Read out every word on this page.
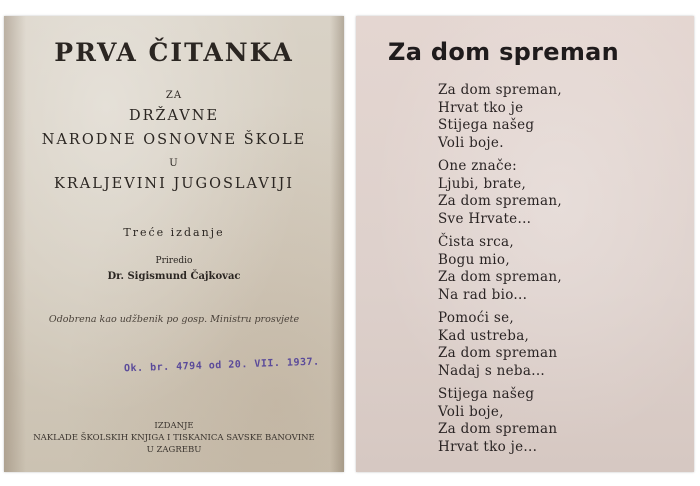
PRVA ČITANKA
ZA
DRŽAVNE
NARODNE OSNOVNE ŠKOLE
U
KRALJEVINI JUGOSLAVIJI
Treće izdanje
Priredio
Dr. Sigismund Čajkovac
Odobrena kao udžbenik po gosp. Ministru prosvjete
Ok. br. 4794 od 20. VII. 1937.
IZDANJE
NAKLADE ŠKOLSKIH KNJIGA I TISKANICA SAVSKE BANOVINE
U ZAGREBU
Za dom spreman
Za dom spreman,
Hrvat tko je
Stijega našeg
Voli boje.
One znače:
Ljubi, brate,
Za dom spreman,
Sve Hrvate...
Čista srca,
Bogu mio,
Za dom spreman,
Na rad bio...
Pomoći se,
Kad ustreba,
Za dom spreman
Nadaj s neba...
Stijega našeg
Voli boje,
Za dom spreman
Hrvat tko je...
